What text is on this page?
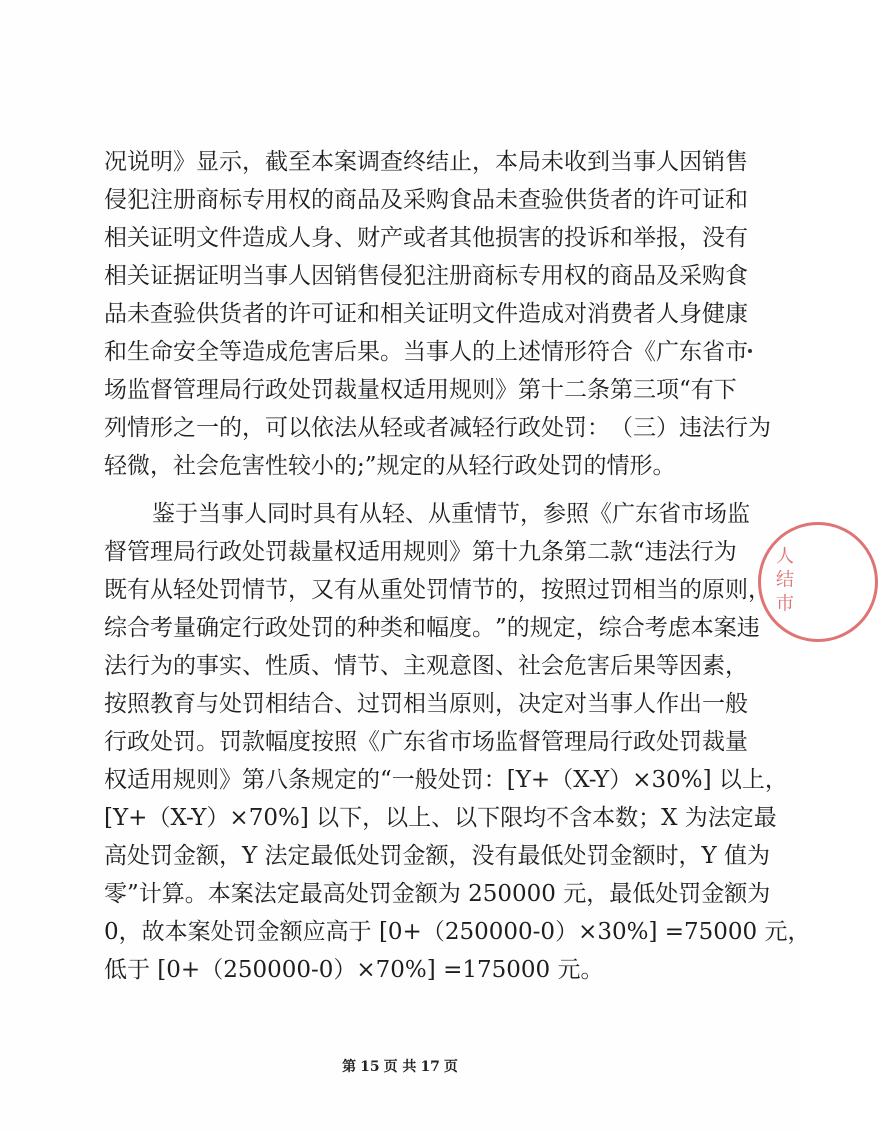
况 说 明 》 显 示 ， 截 至 本 案 调 查 终 结 止 ， 本 局 未 收 到 当 事 人 因 销 售
侵 犯 注 册 商 标 专 用 权 的 商 品 及 采 购 食 品 未 查 验 供 货 者 的 许 可 证 和
相 关 证 明 文 件 造 成 人 身 、 财 产 或 者 其 他 损 害 的 投 诉 和 举 报 ， 没 有
相 关 证 据 证 明 当 事 人 因 销 售 侵 犯 注 册 商 标 专 用 权 的 商 品 及 采 购 食
品 未 查 验 供 货 者 的 许 可 证 和 相 关 证 明 文 件 造 成 对 消 费 者 人 身 健 康
和 生 命 安 全 等 造 成 危 害 后 果 。 当 事 人 的 上 述 情 形 符 合 《 广 东 省 市
场 监 督 管 理 局 行 政 处 罚 裁 量 权 适 用 规 则 》 第 十 二 条 第 三 项 “ 有 下
列 情 形 之 一 的 ， 可 以 依 法 从 轻 或 者 减 轻 行 政 处 罚 ： （ 三 ） 违 法 行 为
轻微，社会危害性较小的;”规定的从轻行政处罚的情形。
鉴 于 当 事 人 同 时 具 有 从 轻 、 从 重 情 节 ， 参 照 《 广 东 省 市 场 监
督 管 理 局 行 政 处 罚 裁 量 权 适 用 规 则 》 第 十 九 条 第 二 款 “ 违 法 行 为
既 有 从 轻 处 罚 情 节 ， 又 有 从 重 处 罚 情 节 的 ， 按 照 过 罚 相 当 的 原 则 ，
综 合 考 量 确 定 行 政 处 罚 的 种 类 和 幅 度 。 ” 的 规 定 ， 综 合 考 虑 本 案 违
法 行 为 的 事 实 、 性 质 、 情 节 、 主 观 意 图 、 社 会 危 害 后 果 等 因 素 ，
按 照 教 育 与 处 罚 相 结 合 、 过 罚 相 当 原 则 ， 决 定 对 当 事 人 作 出 一 般
行 政 处 罚 。 罚 款 幅 度 按 照 《 广 东 省 市 场 监 督 管 理 局 行 政 处 罚 裁 量
权 适 用 规 则 》 第 八 条 规 定 的 “ 一 般 处 罚 ： [Y+ （ X-Y ） × 30%] 以 上 ，
[Y+ （ X-Y ） × 70%] 以 下 ， 以 上 、 以 下 限 均 不 含 本 数 ； X 为 法 定 最
高 处 罚 金 额 ， Y 法 定 最 低 处 罚 金 额 ， 没 有 最 低 处 罚 金 额 时 ， Y 值 为
零 ” 计 算 。 本 案 法 定 最 高 处 罚 金 额 为 250000 元 ， 最 低 处 罚 金 额 为
0 ， 故 本 案 处 罚 金 额 应 高 于 [0+ （ 250000-0 ） × 30%] =75000 元 ，
低于 [0+（250000-0）×70%] =175000 元。
人 结 巿
第 15 页 共 17 页
